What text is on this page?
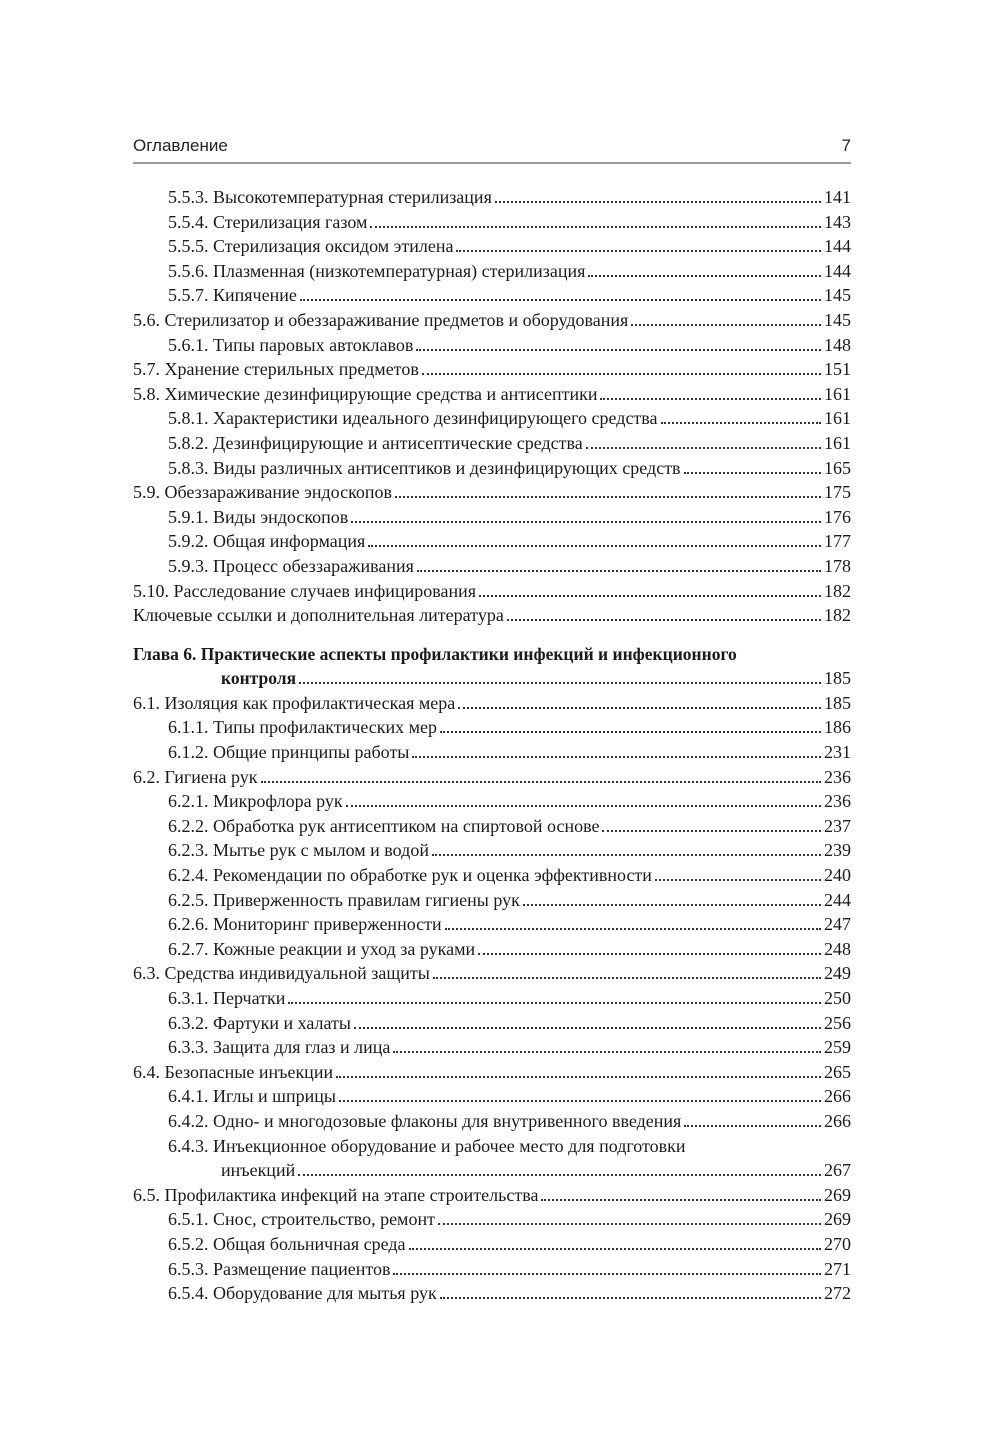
Оглавление	7
5.5.3. Высокотемпературная стерилизация	141
5.5.4. Стерилизация газом	143
5.5.5. Стерилизация оксидом этилена	144
5.5.6. Плазменная (низкотемпературная) стерилизация	144
5.5.7. Кипячение	145
5.6. Стерилизатор и обеззараживание предметов и оборудования	145
5.6.1. Типы паровых автоклавов	148
5.7. Хранение стерильных предметов	151
5.8. Химические дезинфицирующие средства и антисептики	161
5.8.1. Характеристики идеального дезинфицирующего средства	161
5.8.2. Дезинфицирующие и антисептические средства	161
5.8.3. Виды различных антисептиков и дезинфицирующих средств	165
5.9. Обеззараживание эндоскопов	175
5.9.1. Виды эндоскопов	176
5.9.2. Общая информация	177
5.9.3. Процесс обеззараживания	178
5.10. Расследование случаев инфицирования	182
Ключевые ссылки и дополнительная литература	182
Глава 6. Практические аспекты профилактики инфекций и инфекционного
контроля	185
6.1. Изоляция как профилактическая мера	185
6.1.1. Типы профилактических мер	186
6.1.2. Общие принципы работы	231
6.2. Гигиена рук	236
6.2.1. Микрофлора рук	236
6.2.2. Обработка рук антисептиком на спиртовой основе	237
6.2.3. Мытье рук с мылом и водой	239
6.2.4. Рекомендации по обработке рук и оценка эффективности	240
6.2.5. Приверженность правилам гигиены рук	244
6.2.6. Мониторинг приверженности	247
6.2.7. Кожные реакции и уход за руками	248
6.3. Средства индивидуальной защиты	249
6.3.1. Перчатки	250
6.3.2. Фартуки и халаты	256
6.3.3. Защита для глаз и лица	259
6.4. Безопасные инъекции	265
6.4.1. Иглы и шприцы	266
6.4.2. Одно- и многодозовые флаконы для внутривенного введения	266
6.4.3. Инъекционное оборудование и рабочее место для подготовки
инъекций	267
6.5. Профилактика инфекций на этапе строительства	269
6.5.1. Снос, строительство, ремонт	269
6.5.2. Общая больничная среда	270
6.5.3. Размещение пациентов	271
6.5.4. Оборудование для мытья рук	272
